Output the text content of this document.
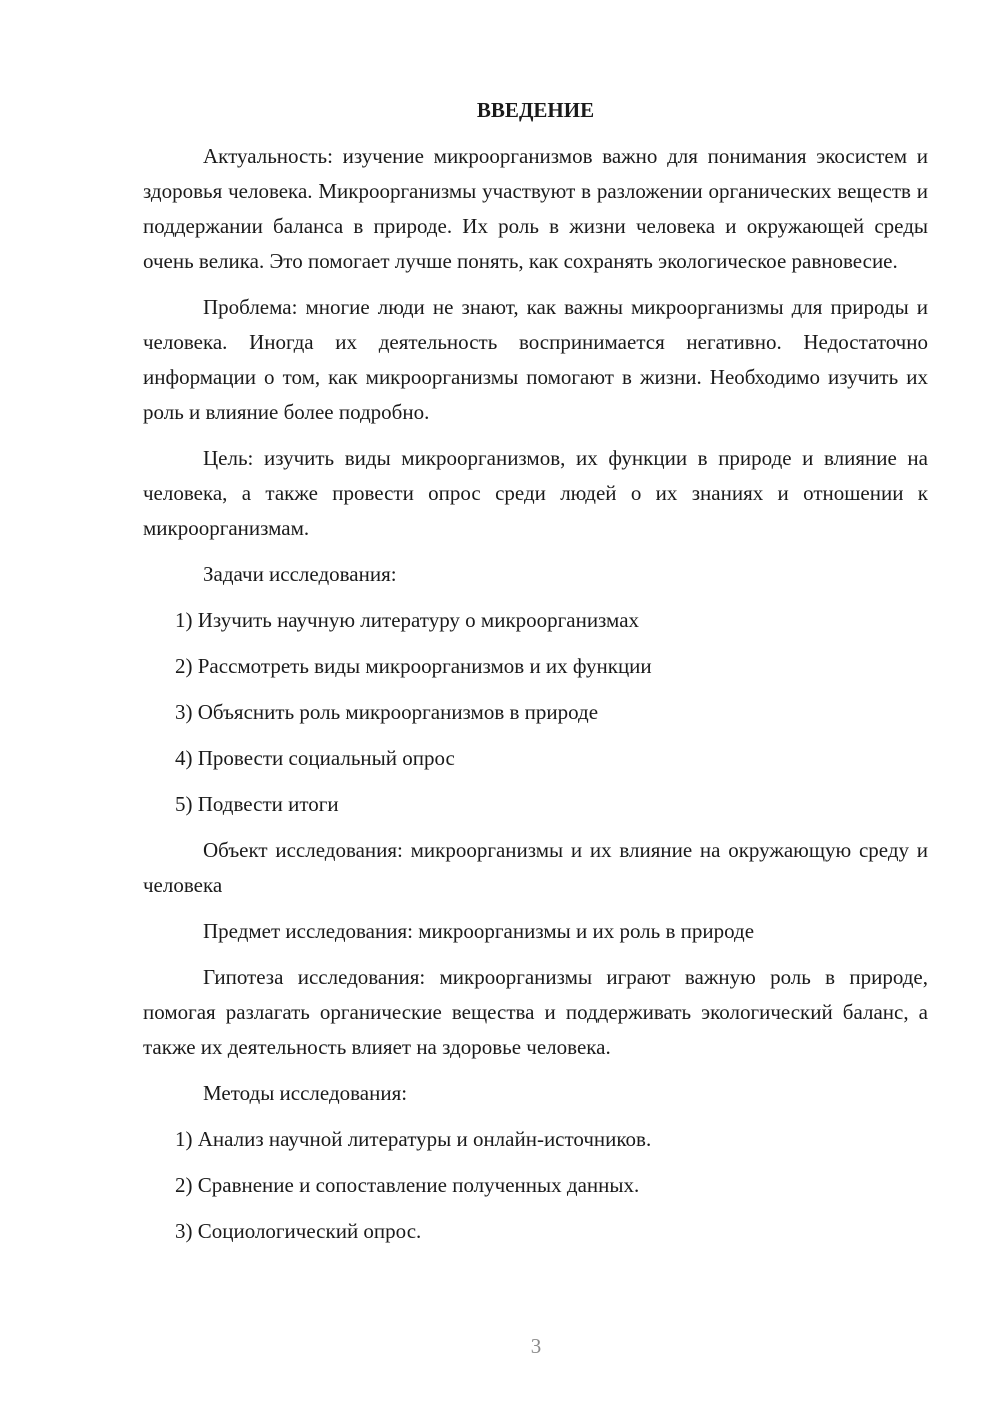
ВВЕДЕНИЕ

Актуальность: изучение микроорганизмов важно для понимания экосистем и здоровья человека. Микроорганизмы участвуют в разложении органических веществ и поддержании баланса в природе. Их роль в жизни человека и окружающей среды очень велика. Это помогает лучше понять, как сохранять экологическое равновесие.

Проблема: многие люди не знают, как важны микроорганизмы для природы и человека. Иногда их деятельность воспринимается негативно. Недостаточно информации о том, как микроорганизмы помогают в жизни. Необходимо изучить их роль и влияние более подробно.

Цель: изучить виды микроорганизмов, их функции в природе и влияние на человека, а также провести опрос среди людей о их знаниях и отношении к микроорганизмам.

Задачи исследования:

1) Изучить научную литературу о микроорганизмах
2) Рассмотреть виды микроорганизмов и их функции
3) Объяснить роль микроорганизмов в природе
4) Провести социальный опрос
5) Подвести итоги

Объект исследования: микроорганизмы и их влияние на окружающую среду и человека

Предмет исследования: микроорганизмы и их роль в природе

Гипотеза исследования: микроорганизмы играют важную роль в природе, помогая разлагать органические вещества и поддерживать экологический баланс, а также их деятельность влияет на здоровье человека.

Методы исследования:

1) Анализ научной литературы и онлайн-источников.
2) Сравнение и сопоставление полученных данных.
3) Социологический опрос.
3
